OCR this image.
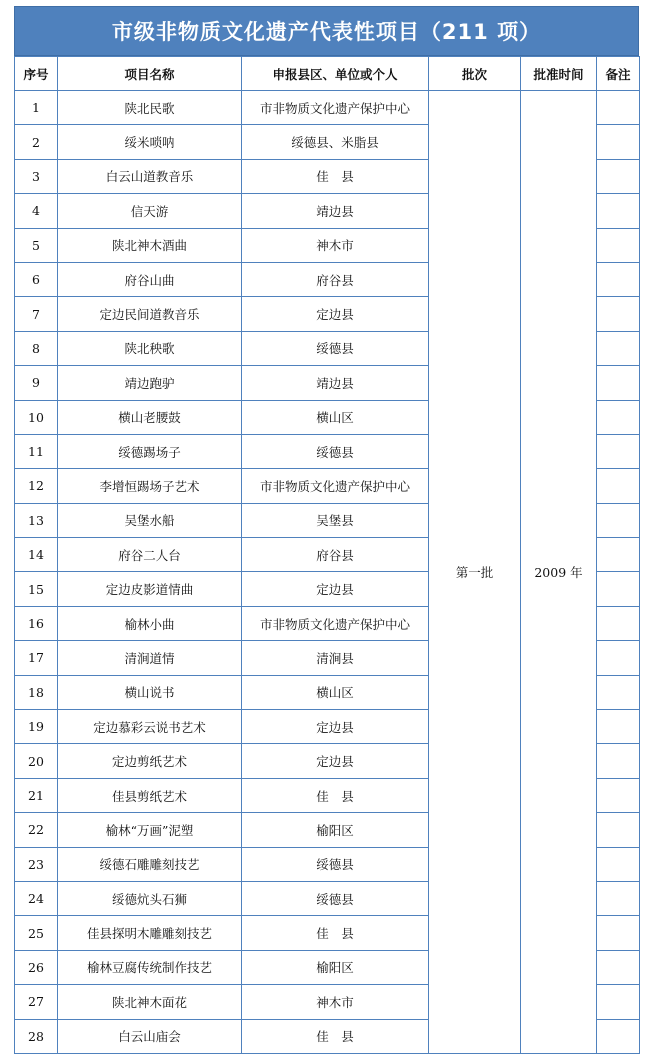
市级非物质文化遗产代表性项目（211 项）
序号	项目名称	申报县区、单位或个人	批次	批准时间	备注
1	陕北民歌	市非物质文化遗产保护中心	第一批	2009 年	
2	绥米唢呐	绥德县、米脂县			
3	白云山道教音乐	佳　县			
4	信天游	靖边县			
5	陕北神木酒曲	神木市			
6	府谷山曲	府谷县			
7	定边民间道教音乐	定边县			
8	陕北秧歌	绥德县			
9	靖边跑驴	靖边县			
10	横山老腰鼓	横山区			
11	绥德踢场子	绥德县			
12	李增恒踢场子艺术	市非物质文化遗产保护中心			
13	吴堡水船	吴堡县			
14	府谷二人台	府谷县			
15	定边皮影道情曲	定边县			
16	榆林小曲	市非物质文化遗产保护中心			
17	清涧道情	清涧县			
18	横山说书	横山区			
19	定边慕彩云说书艺术	定边县			
20	定边剪纸艺术	定边县			
21	佳县剪纸艺术	佳　县			
22	榆林“万画”泥塑	榆阳区			
23	绥德石雕雕刻技艺	绥德县			
24	绥德炕头石狮	绥德县			
25	佳县探明木雕雕刻技艺	佳　县			
26	榆林豆腐传统制作技艺	榆阳区			
27	陕北神木面花	神木市			
28	白云山庙会	佳　县			
